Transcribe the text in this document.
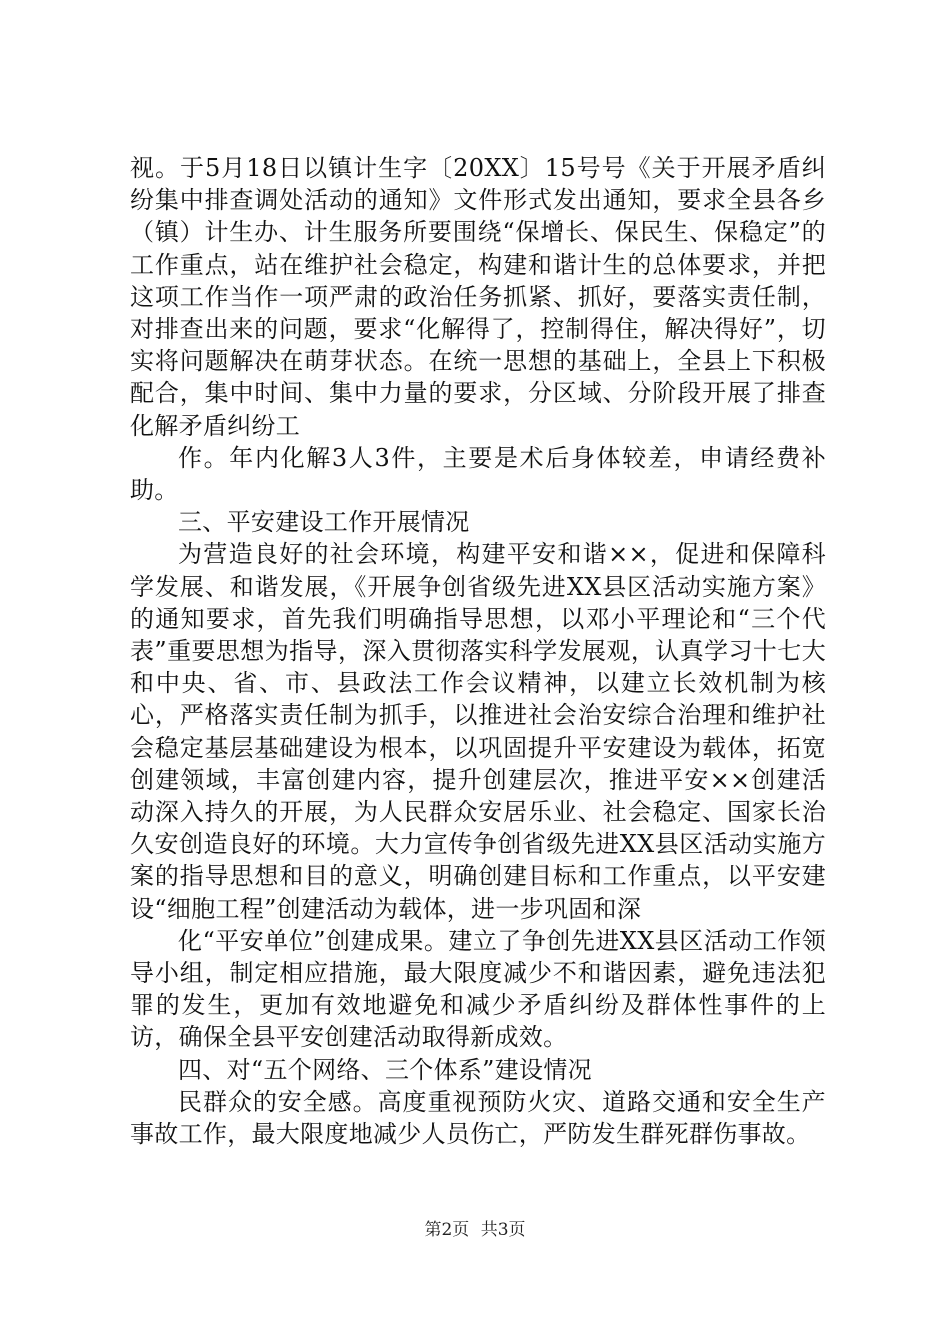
视。于5月18日以镇计生字〔20XX〕15号号《关于开展矛盾纠纷集中排查调处活动的通知》文件形式发出通知，要求全县各乡（镇）计生办、计生服务所要围绕“保增长、保民生、保稳定”的工作重点，站在维护社会稳定，构建和谐计生的总体要求，并把这项工作当作一项严肃的政治任务抓紧、抓好，要落实责任制，对排查出来的问题，要求“化解得了，控制得住，解决得好”，切实将问题解决在萌芽状态。在统一思想的基础上，全县上下积极配合，集中时间、集中力量的要求，分区域、分阶段开展了排查化解矛盾纠纷工

作。年内化解3人3件，主要是术后身体较差，申请经费补助。

三、平安建设工作开展情况

为营造良好的社会环境，构建平安和谐××，促进和保障科学发展、和谐发展，《开展争创省级先进XX县区活动实施方案》的通知要求，首先我们明确指导思想，以邓小平理论和“三个代表”重要思想为指导，深入贯彻落实科学发展观，认真学习十七大和中央、省、市、县政法工作会议精神，以建立长效机制为核心，严格落实责任制为抓手，以推进社会治安综合治理和维护社会稳定基层基础建设为根本，以巩固提升平安建设为载体，拓宽创建领域，丰富创建内容，提升创建层次，推进平安××创建活动深入持久的开展，为人民群众安居乐业、社会稳定、国家长治久安创造良好的环境。大力宣传争创省级先进XX县区活动实施方案的指导思想和目的意义，明确创建目标和工作重点，以平安建设“细胞工程”创建活动为载体，进一步巩固和深

化“平安单位”创建成果。建立了争创先进XX县区活动工作领导小组，制定相应措施，最大限度减少不和谐因素，避免违法犯罪的发生，更加有效地避免和减少矛盾纠纷及群体性事件的上访，确保全县平安创建活动取得新成效。

四、对“五个网络、三个体系”建设情况

民群众的安全感。高度重视预防火灾、道路交通和安全生产事故工作，最大限度地减少人员伤亡，严防发生群死群伤事故。

第2页 共3页
